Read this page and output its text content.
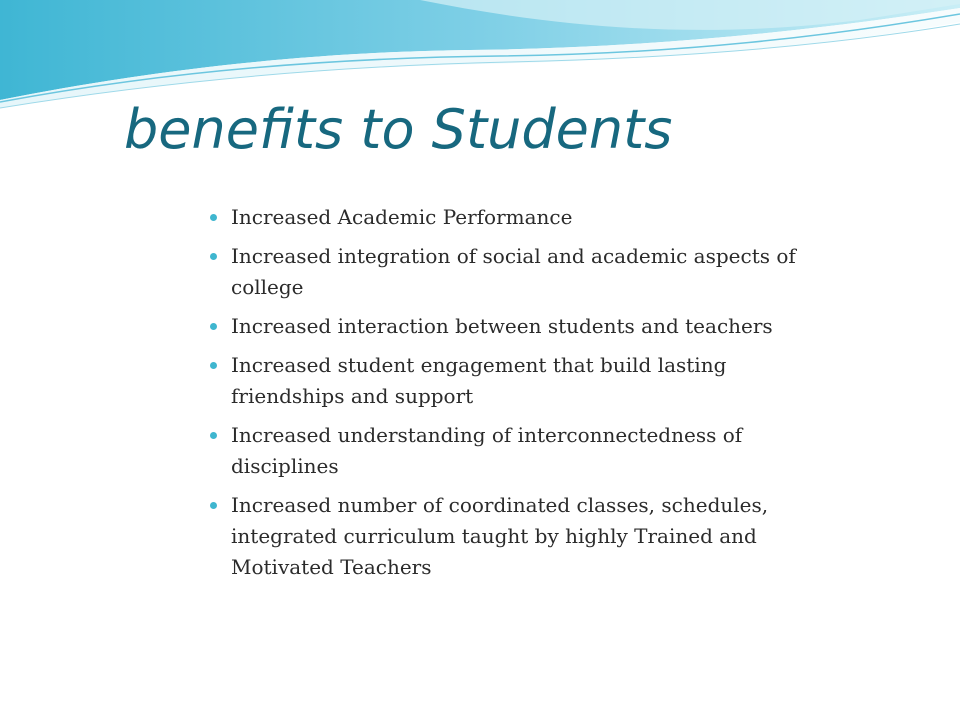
benefits to Students
Increased Academic Performance
Increased integration of social and academic aspects of college
Increased interaction between students and teachers
Increased student engagement that build lasting friendships and support
Increased understanding of interconnectedness of disciplines
Increased number of coordinated classes, schedules, integrated curriculum taught by highly Trained and Motivated Teachers
